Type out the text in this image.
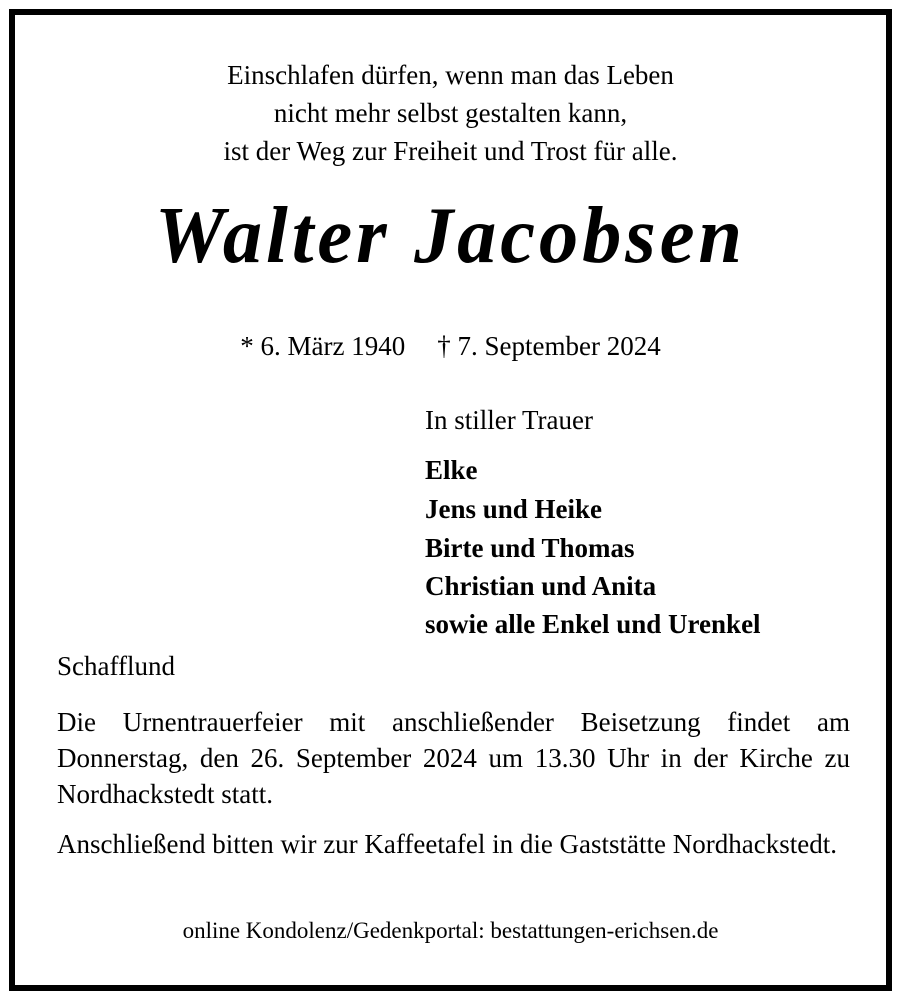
Einschlafen dürfen, wenn man das Leben
nicht mehr selbst gestalten kann,
ist der Weg zur Freiheit und Trost für alle.
Walter Jacobsen
* 6. März 1940 † 7. September 2024
In stiller Trauer
Elke
Jens und Heike
Birte und Thomas
Christian und Anita
sowie alle Enkel und Urenkel
Schafflund
Die Urnentrauerfeier mit anschließender Beisetzung findet am Donnerstag, den 26. September 2024 um 13.30 Uhr in der Kirche zu Nordhackstedt statt.
Anschließend bitten wir zur Kaffeetafel in die Gaststätte Nordhackstedt.
online Kondolenz/Gedenkportal: bestattungen-erichsen.de
